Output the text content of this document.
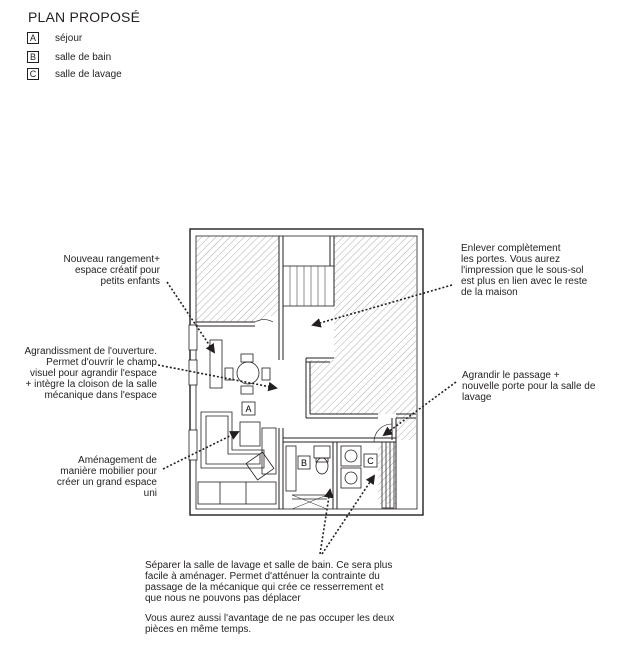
PLAN PROPOSÉ
A	séjour
B	salle de bain
C salle de lavage
A
B	C
Nouveau rangement+
espace créatif pour
petits enfants
Agrandissment de l'ouverture.
Permet d'ouvrir le champ
visuel pour agrandir l'espace
+ intègre la cloison de la salle
mécanique dans l'espace
Aménagement de
manière mobilier pour
créer un grand espace
uni
Enlever complètement
les portes. Vous aurez
l'impression que le sous-sol
est plus en lien avec le reste
de la maison
Agrandir le passage +
nouvelle porte pour la salle de
lavage
Séparer la salle de lavage et salle de bain. Ce sera plus
facile à aménager. Permet d'atténuer la contrainte du
passage de la mécanique qui crée ce resserrement et
que nous ne pouvons pas déplacer
Vous aurez aussi l'avantage de ne pas occuper les deux
pièces en même temps.
